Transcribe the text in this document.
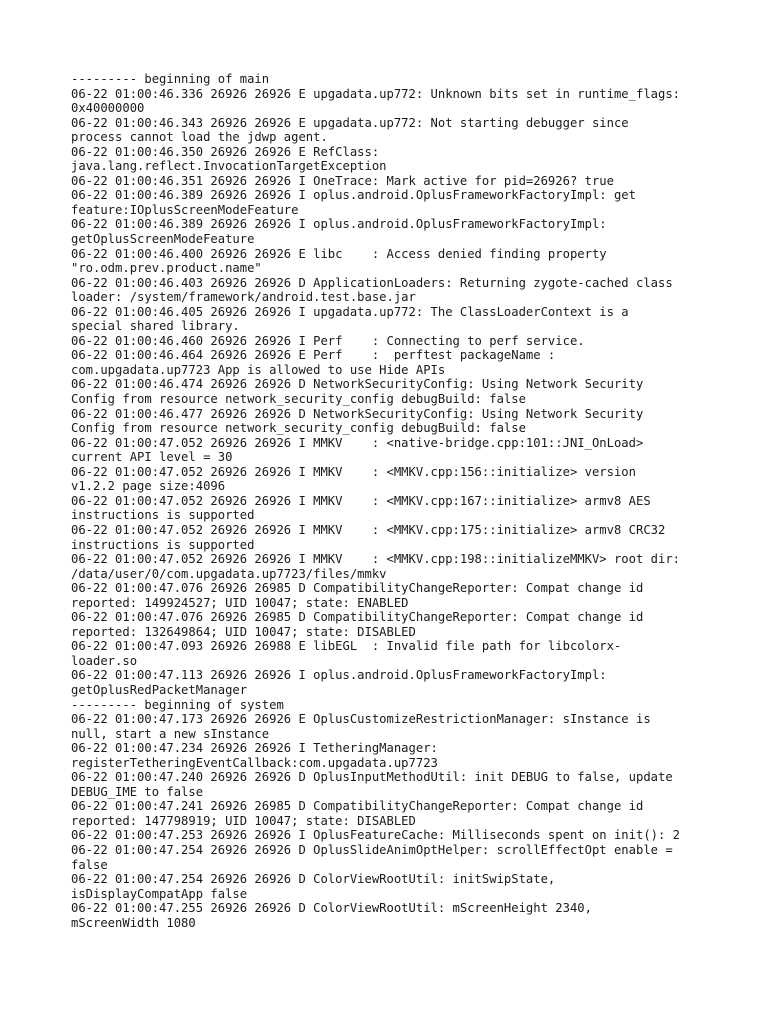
--------- beginning of main
06-22 01:00:46.336 26926 26926 E upgadata.up772: Unknown bits set in runtime_flags:
0x40000000
06-22 01:00:46.343 26926 26926 E upgadata.up772: Not starting debugger since
process cannot load the jdwp agent.
06-22 01:00:46.350 26926 26926 E RefClass:
java.lang.reflect.InvocationTargetException
06-22 01:00:46.351 26926 26926 I OneTrace: Mark active for pid=26926? true
06-22 01:00:46.389 26926 26926 I oplus.android.OplusFrameworkFactoryImpl: get
feature:IOplusScreenModeFeature
06-22 01:00:46.389 26926 26926 I oplus.android.OplusFrameworkFactoryImpl:
getOplusScreenModeFeature
06-22 01:00:46.400 26926 26926 E libc    : Access denied finding property
"ro.odm.prev.product.name"
06-22 01:00:46.403 26926 26926 D ApplicationLoaders: Returning zygote-cached class
loader: /system/framework/android.test.base.jar
06-22 01:00:46.405 26926 26926 I upgadata.up772: The ClassLoaderContext is a
special shared library.
06-22 01:00:46.460 26926 26926 I Perf    : Connecting to perf service.
06-22 01:00:46.464 26926 26926 E Perf    :  perftest packageName :
com.upgadata.up7723 App is allowed to use Hide APIs
06-22 01:00:46.474 26926 26926 D NetworkSecurityConfig: Using Network Security
Config from resource network_security_config debugBuild: false
06-22 01:00:46.477 26926 26926 D NetworkSecurityConfig: Using Network Security
Config from resource network_security_config debugBuild: false
06-22 01:00:47.052 26926 26926 I MMKV    : <native-bridge.cpp:101::JNI_OnLoad>
current API level = 30
06-22 01:00:47.052 26926 26926 I MMKV    : <MMKV.cpp:156::initialize> version
v1.2.2 page size:4096
06-22 01:00:47.052 26926 26926 I MMKV    : <MMKV.cpp:167::initialize> armv8 AES
instructions is supported
06-22 01:00:47.052 26926 26926 I MMKV    : <MMKV.cpp:175::initialize> armv8 CRC32
instructions is supported
06-22 01:00:47.052 26926 26926 I MMKV    : <MMKV.cpp:198::initializeMMKV> root dir:
/data/user/0/com.upgadata.up7723/files/mmkv
06-22 01:00:47.076 26926 26985 D CompatibilityChangeReporter: Compat change id
reported: 149924527; UID 10047; state: ENABLED
06-22 01:00:47.076 26926 26985 D CompatibilityChangeReporter: Compat change id
reported: 132649864; UID 10047; state: DISABLED
06-22 01:00:47.093 26926 26988 E libEGL  : Invalid file path for libcolorx-
loader.so
06-22 01:00:47.113 26926 26926 I oplus.android.OplusFrameworkFactoryImpl:
getOplusRedPacketManager
--------- beginning of system
06-22 01:00:47.173 26926 26926 E OplusCustomizeRestrictionManager: sInstance is
null, start a new sInstance
06-22 01:00:47.234 26926 26926 I TetheringManager:
registerTetheringEventCallback:com.upgadata.up7723
06-22 01:00:47.240 26926 26926 D OplusInputMethodUtil: init DEBUG to false, update
DEBUG_IME to false
06-22 01:00:47.241 26926 26985 D CompatibilityChangeReporter: Compat change id
reported: 147798919; UID 10047; state: DISABLED
06-22 01:00:47.253 26926 26926 I OplusFeatureCache: Milliseconds spent on init(): 2
06-22 01:00:47.254 26926 26926 D OplusSlideAnimOptHelper: scrollEffectOpt enable =
false
06-22 01:00:47.254 26926 26926 D ColorViewRootUtil: initSwipState,
isDisplayCompatApp false
06-22 01:00:47.255 26926 26926 D ColorViewRootUtil: mScreenHeight 2340,
mScreenWidth 1080
